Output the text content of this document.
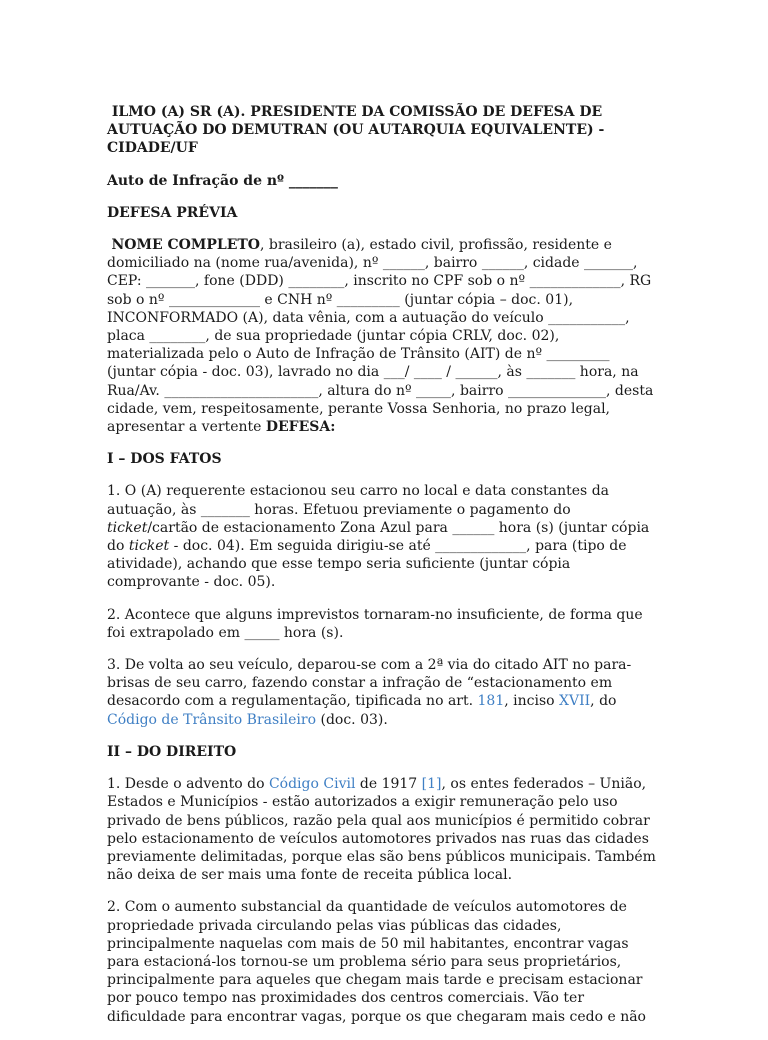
ILMO (A) SR (A). PRESIDENTE DA COMISSÃO DE DEFESA DE AUTUAÇÃO DO DEMUTRAN (OU AUTARQUIA EQUIVALENTE) - CIDADE/UF

Auto de Infração de nº _______

DEFESA PRÉVIA

NOME COMPLETO, brasileiro (a), estado civil, profissão, residente e domiciliado na (nome rua/avenida), nº ______, bairro ______, cidade _______, CEP: _______, fone (DDD) ________, inscrito no CPF sob o nº _____________, RG sob o nº _____________ e CNH nº _________ (juntar cópia – doc. 01), INCONFORMADO (A), data vênia, com a autuação do veículo ___________, placa ________, de sua propriedade (juntar cópia CRLV, doc. 02), materializada pelo o Auto de Infração de Trânsito (AIT) de nº _________ (juntar cópia - doc. 03), lavrado no dia ___/ ____ / ______, às _______ hora, na Rua/Av. ______________________, altura do nº _____, bairro ______________, desta cidade, vem, respeitosamente, perante Vossa Senhoria, no prazo legal, apresentar a vertente DEFESA:

I – DOS FATOS

1. O (A) requerente estacionou seu carro no local e data constantes da autuação, às _______ horas. Efetuou previamente o pagamento do ticket/cartão de estacionamento Zona Azul para ______ hora (s) (juntar cópia do ticket - doc. 04). Em seguida dirigiu-se até _____________, para (tipo de atividade), achando que esse tempo seria suficiente (juntar cópia comprovante - doc. 05).

2. Acontece que alguns imprevistos tornaram-no insuficiente, de forma que foi extrapolado em _____ hora (s).

3. De volta ao seu veículo, deparou-se com a 2ª via do citado AIT no para-brisas de seu carro, fazendo constar a infração de “estacionamento em desacordo com a regulamentação, tipificada no art. 181, inciso XVII, do Código de Trânsito Brasileiro (doc. 03).

II – DO DIREITO

1. Desde o advento do Código Civil de 1917 [1], os entes federados – União, Estados e Municípios - estão autorizados a exigir remuneração pelo uso privado de bens públicos, razão pela qual aos municípios é permitido cobrar pelo estacionamento de veículos automotores privados nas ruas das cidades previamente delimitadas, porque elas são bens públicos municipais. Também não deixa de ser mais uma fonte de receita pública local.

2. Com o aumento substancial da quantidade de veículos automotores de propriedade privada circulando pelas vias públicas das cidades, principalmente naquelas com mais de 50 mil habitantes, encontrar vagas para estacioná-los tornou-se um problema sério para seus proprietários, principalmente para aqueles que chegam mais tarde e precisam estacionar por pouco tempo nas proximidades dos centros comerciais. Vão ter dificuldade para encontrar vagas, porque os que chegaram mais cedo e não
